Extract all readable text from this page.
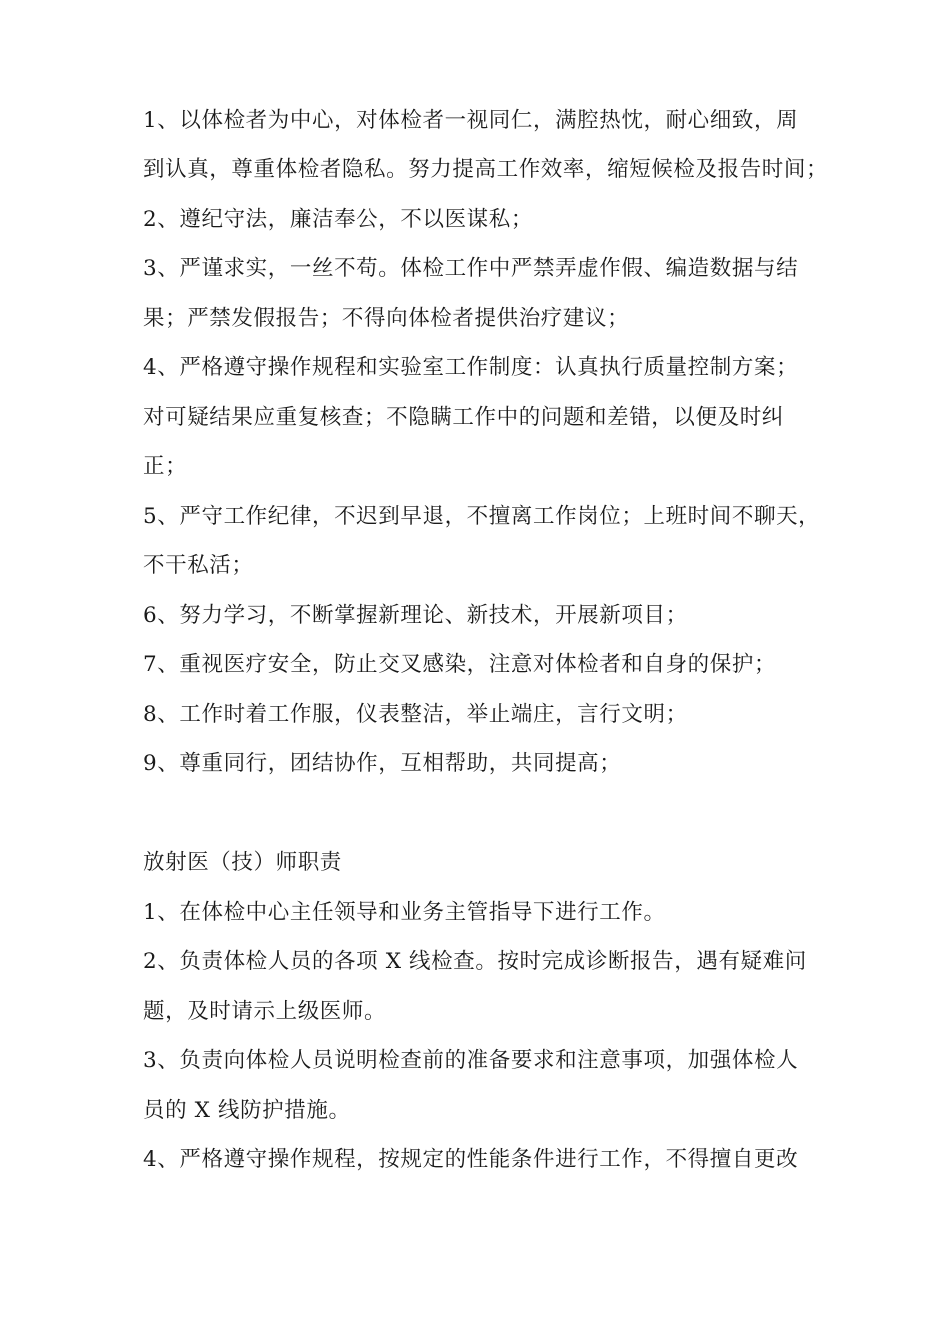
1、以体检者为中心，对体检者一视同仁，满腔热忱，耐心细致，周

到认真，尊重体检者隐私。努力提高工作效率，缩短候检及报告时间；

2、遵纪守法，廉洁奉公，不以医谋私；

3、严谨求实，一丝不苟。体检工作中严禁弄虚作假、编造数据与结

果；严禁发假报告；不得向体检者提供治疗建议；

4、严格遵守操作规程和实验室工作制度：认真执行质量控制方案；

对可疑结果应重复核查；不隐瞒工作中的问题和差错，以便及时纠

正；

5、严守工作纪律，不迟到早退，不擅离工作岗位；上班时间不聊天，

不干私活；

6、努力学习，不断掌握新理论、新技术，开展新项目；

7、重视医疗安全，防止交叉感染，注意对体检者和自身的保护；

8、工作时着工作服，仪表整洁，举止端庄，言行文明；

9、尊重同行，团结协作，互相帮助，共同提高；

放射医（技）师职责

1、在体检中心主任领导和业务主管指导下进行工作。

2、负责体检人员的各项 X 线检查。按时完成诊断报告，遇有疑难问

题，及时请示上级医师。

3、负责向体检人员说明检查前的准备要求和注意事项，加强体检人

员的 X 线防护措施。

4、严格遵守操作规程，按规定的性能条件进行工作，不得擅自更改
